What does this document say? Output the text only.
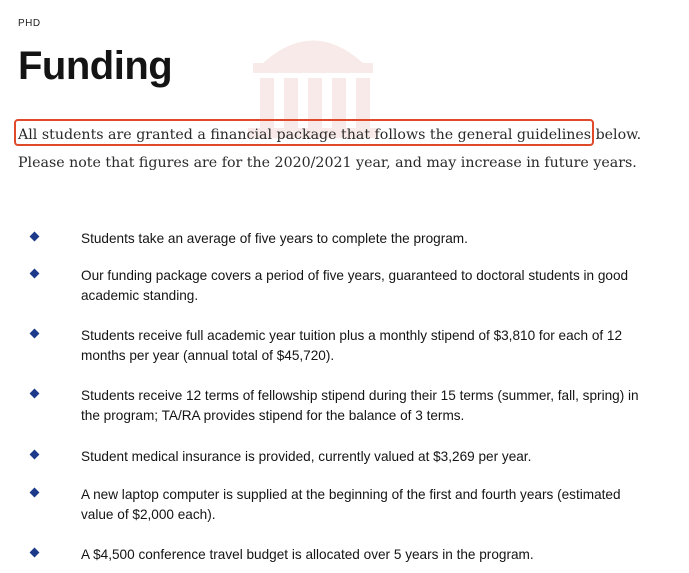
PHD
Funding

All students are granted a financial package that follows the general guidelines below. Please note that figures are for the 2020/2021 year, and may increase in future years.

Students take an average of five years to complete the program.
Our funding package covers a period of five years, guaranteed to doctoral students in good academic standing.
Students receive full academic year tuition plus a monthly stipend of $3,810 for each of 12 months per year (annual total of $45,720).
Students receive 12 terms of fellowship stipend during their 15 terms (summer, fall, spring) in the program; TA/RA provides stipend for the balance of 3 terms.
Student medical insurance is provided, currently valued at $3,269 per year.
A new laptop computer is supplied at the beginning of the first and fourth years (estimated value of $2,000 each).
A $4,500 conference travel budget is allocated over 5 years in the program.
